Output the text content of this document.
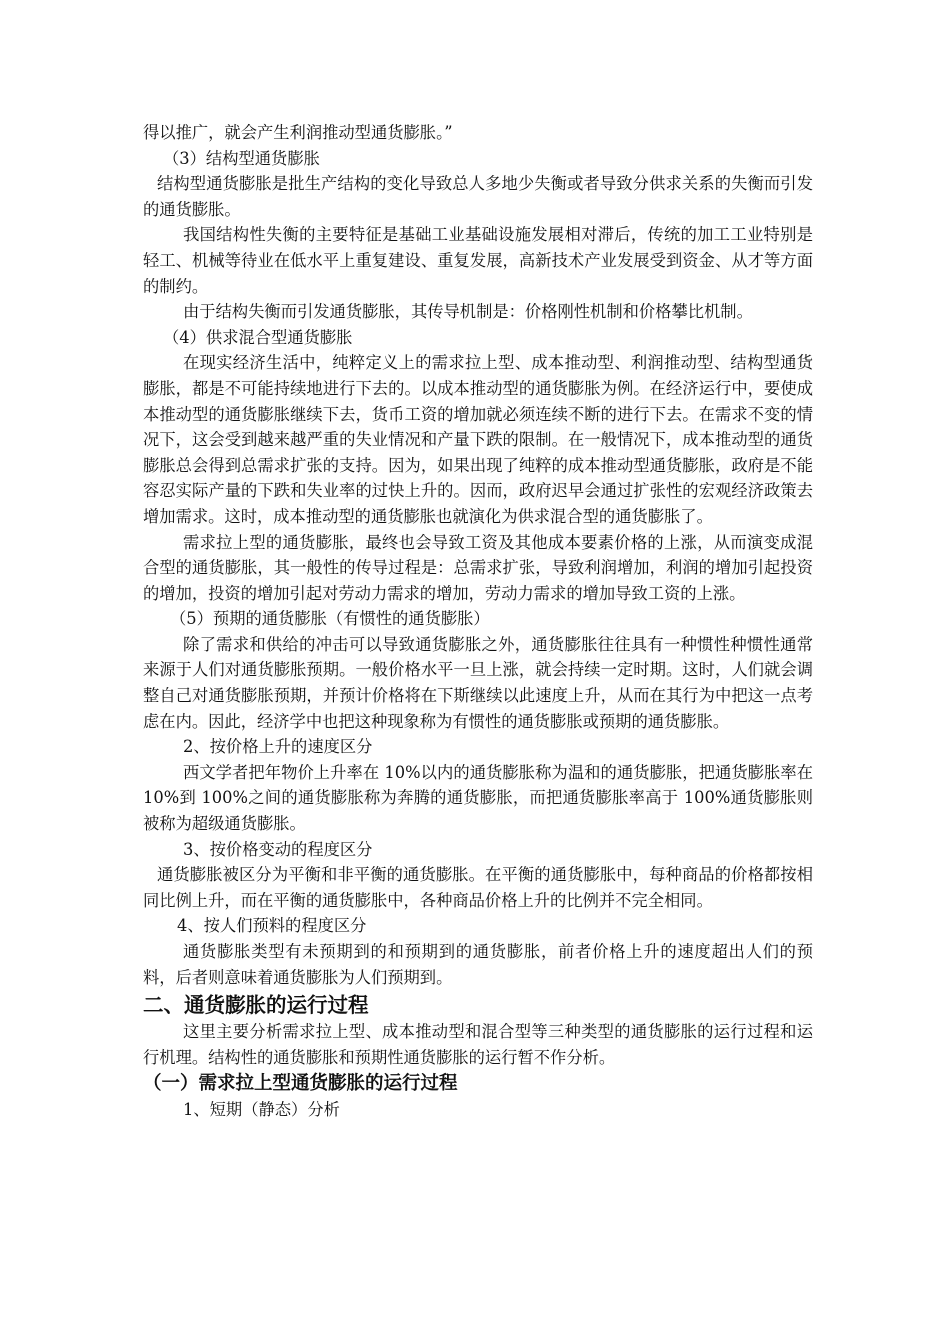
得以推广，就会产生利润推动型通货膨胀。”

（3）结构型通货膨胀

结构型通货膨胀是批生产结构的变化导致总人多地少失衡或者导致分供求关系的失衡而引发的通货膨胀。

我国结构性失衡的主要特征是基础工业基础设施发展相对滞后，传统的加工工业特别是轻工、机械等待业在低水平上重复建设、重复发展，高新技术产业发展受到资金、从才等方面的制约。

由于结构失衡而引发通货膨胀，其传导机制是：价格刚性机制和价格攀比机制。

（4）供求混合型通货膨胀

在现实经济生活中，纯粹定义上的需求拉上型、成本推动型、利润推动型、结构型通货膨胀，都是不可能持续地进行下去的。以成本推动型的通货膨胀为例。在经济运行中，要使成本推动型的通货膨胀继续下去，货币工资的增加就必须连续不断的进行下去。在需求不变的情况下，这会受到越来越严重的失业情况和产量下跌的限制。在一般情况下，成本推动型的通货膨胀总会得到总需求扩张的支持。因为，如果出现了纯粹的成本推动型通货膨胀，政府是不能容忍实际产量的下跌和失业率的过快上升的。因而，政府迟早会通过扩张性的宏观经济政策去增加需求。这时，成本推动型的通货膨胀也就演化为供求混合型的通货膨胀了。

需求拉上型的通货膨胀，最终也会导致工资及其他成本要素价格的上涨，从而演变成混合型的通货膨胀，其一般性的传导过程是：总需求扩张，导致利润增加，利润的增加引起投资的增加，投资的增加引起对劳动力需求的增加，劳动力需求的增加导致工资的上涨。

（5）预期的通货膨胀（有惯性的通货膨胀）

除了需求和供给的冲击可以导致通货膨胀之外，通货膨胀往往具有一种惯性种惯性通常来源于人们对通货膨胀预期。一般价格水平一旦上涨，就会持续一定时期。这时，人们就会调整自己对通货膨胀预期，并预计价格将在下斯继续以此速度上升，从而在其行为中把这一点考虑在内。因此，经济学中也把这种现象称为有惯性的通货膨胀或预期的通货膨胀。

2、按价格上升的速度区分

西文学者把年物价上升率在 10%以内的通货膨胀称为温和的通货膨胀，把通货膨胀率在 10%到 100%之间的通货膨胀称为奔腾的通货膨胀，而把通货膨胀率高于 100%通货膨胀则被称为超级通货膨胀。

3、按价格变动的程度区分

通货膨胀被区分为平衡和非平衡的通货膨胀。在平衡的通货膨胀中，每种商品的价格都按相同比例上升，而在平衡的通货膨胀中，各种商品价格上升的比例并不完全相同。

4、按人们预料的程度区分

通货膨胀类型有未预期到的和预期到的通货膨胀，前者价格上升的速度超出人们的预料，后者则意味着通货膨胀为人们预期到。

二、通货膨胀的运行过程

这里主要分析需求拉上型、成本推动型和混合型等三种类型的通货膨胀的运行过程和运行机理。结构性的通货膨胀和预期性通货膨胀的运行暂不作分析。

（一）需求拉上型通货膨胀的运行过程

1、短期（静态）分析
